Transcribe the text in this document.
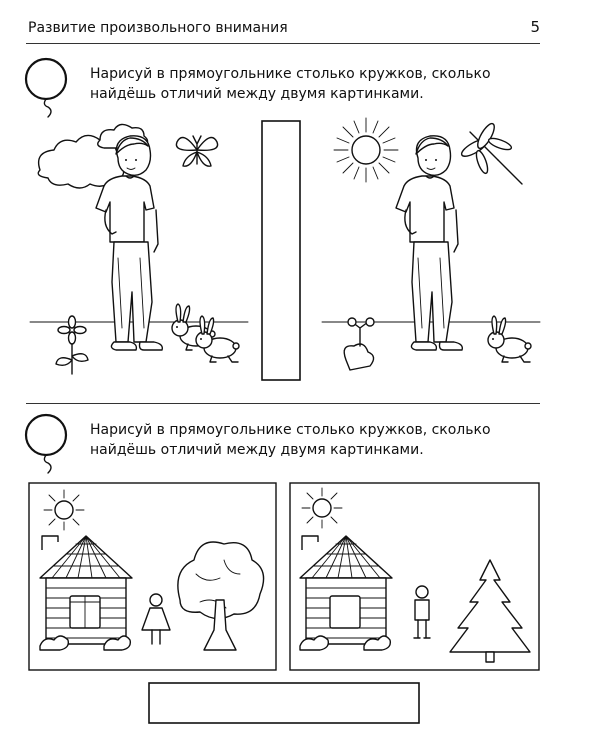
Развитие произвольного внимания	5
Нарисуй в прямоугольнике столько кружков, сколько найдёшь отличий между двумя картинками.
Нарисуй в прямоугольнике столько кружков, сколько найдёшь отличий между двумя картинками.
